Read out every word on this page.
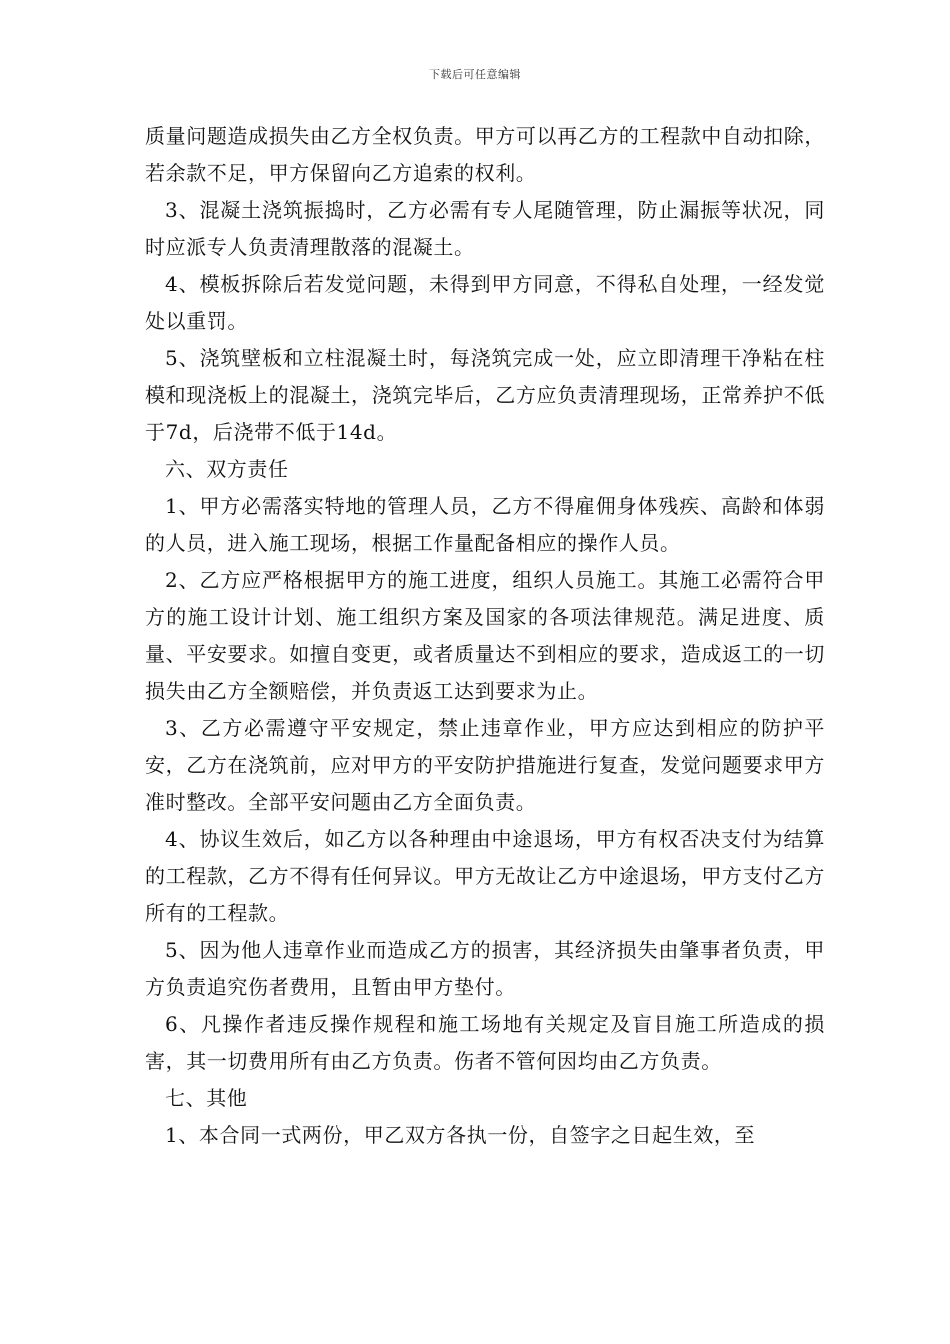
下载后可任意编辑

质量问题造成损失由乙方全权负责。甲方可以再乙方的工程款中自动扣除，若余款不足，甲方保留向乙方追索的权利。

3、混凝土浇筑振捣时，乙方必需有专人尾随管理，防止漏振等状况，同时应派专人负责清理散落的混凝土。

4、模板拆除后若发觉问题，未得到甲方同意，不得私自处理，一经发觉处以重罚。

5、浇筑壁板和立柱混凝土时，每浇筑完成一处，应立即清理干净粘在柱模和现浇板上的混凝土，浇筑完毕后，乙方应负责清理现场，正常养护不低于7d，后浇带不低于14d。

六、双方责任

1、甲方必需落实特地的管理人员，乙方不得雇佣身体残疾、高龄和体弱的人员，进入施工现场，根据工作量配备相应的操作人员。

2、乙方应严格根据甲方的施工进度，组织人员施工。其施工必需符合甲方的施工设计计划、施工组织方案及国家的各项法律规范。满足进度、质量、平安要求。如擅自变更，或者质量达不到相应的要求，造成返工的一切损失由乙方全额赔偿，并负责返工达到要求为止。

3、乙方必需遵守平安规定，禁止违章作业，甲方应达到相应的防护平安，乙方在浇筑前，应对甲方的平安防护措施进行复查，发觉问题要求甲方准时整改。全部平安问题由乙方全面负责。

4、协议生效后，如乙方以各种理由中途退场，甲方有权否决支付为结算的工程款，乙方不得有任何异议。甲方无故让乙方中途退场，甲方支付乙方所有的工程款。

5、因为他人违章作业而造成乙方的损害，其经济损失由肇事者负责，甲方负责追究伤者费用，且暂由甲方垫付。

6、凡操作者违反操作规程和施工场地有关规定及盲目施工所造成的损害，其一切费用所有由乙方负责。伤者不管何因均由乙方负责。

七、其他

1、本合同一式两份，甲乙双方各执一份，自签字之日起生效，至
